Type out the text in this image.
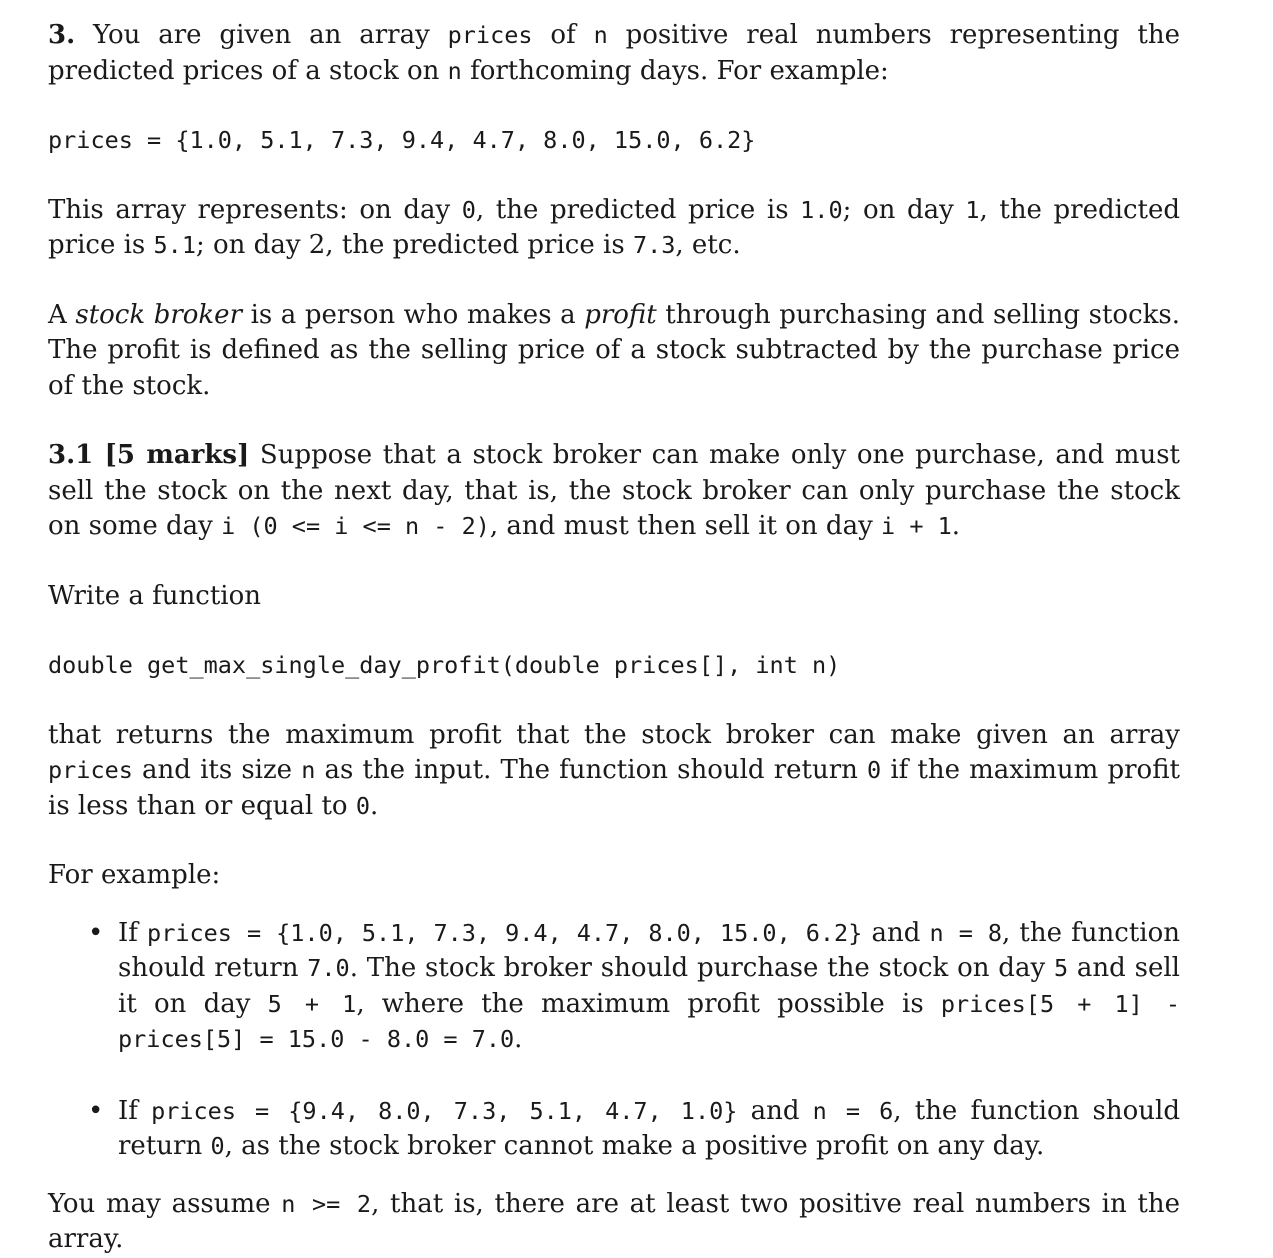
3. You are given an array prices of n positive real numbers representing the predicted prices of a stock on n forthcoming days. For example:

prices = {1.0, 5.1, 7.3, 9.4, 4.7, 8.0, 15.0, 6.2}

This array represents: on day 0, the predicted price is 1.0; on day 1, the predicted price is 5.1; on day 2, the predicted price is 7.3, etc.

A stock broker is a person who makes a profit through purchasing and selling stocks. The profit is defined as the selling price of a stock subtracted by the purchase price of the stock.

3.1 [5 marks] Suppose that a stock broker can make only one purchase, and must sell the stock on the next day, that is, the stock broker can only purchase the stock on some day i (0 <= i <= n - 2), and must then sell it on day i + 1.

Write a function

double get_max_single_day_profit(double prices[], int n)

that returns the maximum profit that the stock broker can make given an array prices and its size n as the input. The function should return 0 if the maximum profit is less than or equal to 0.

For example:

• If prices = {1.0, 5.1, 7.3, 9.4, 4.7, 8.0, 15.0, 6.2} and n = 8, the function should return 7.0. The stock broker should purchase the stock on day 5 and sell it on day 5 + 1, where the maximum profit possible is prices[5 + 1] - prices[5] = 15.0 - 8.0 = 7.0.
• If prices = {9.4, 8.0, 7.3, 5.1, 4.7, 1.0} and n = 6, the function should return 0, as the stock broker cannot make a positive profit on any day.

You may assume n >= 2, that is, there are at least two positive real numbers in the array.
